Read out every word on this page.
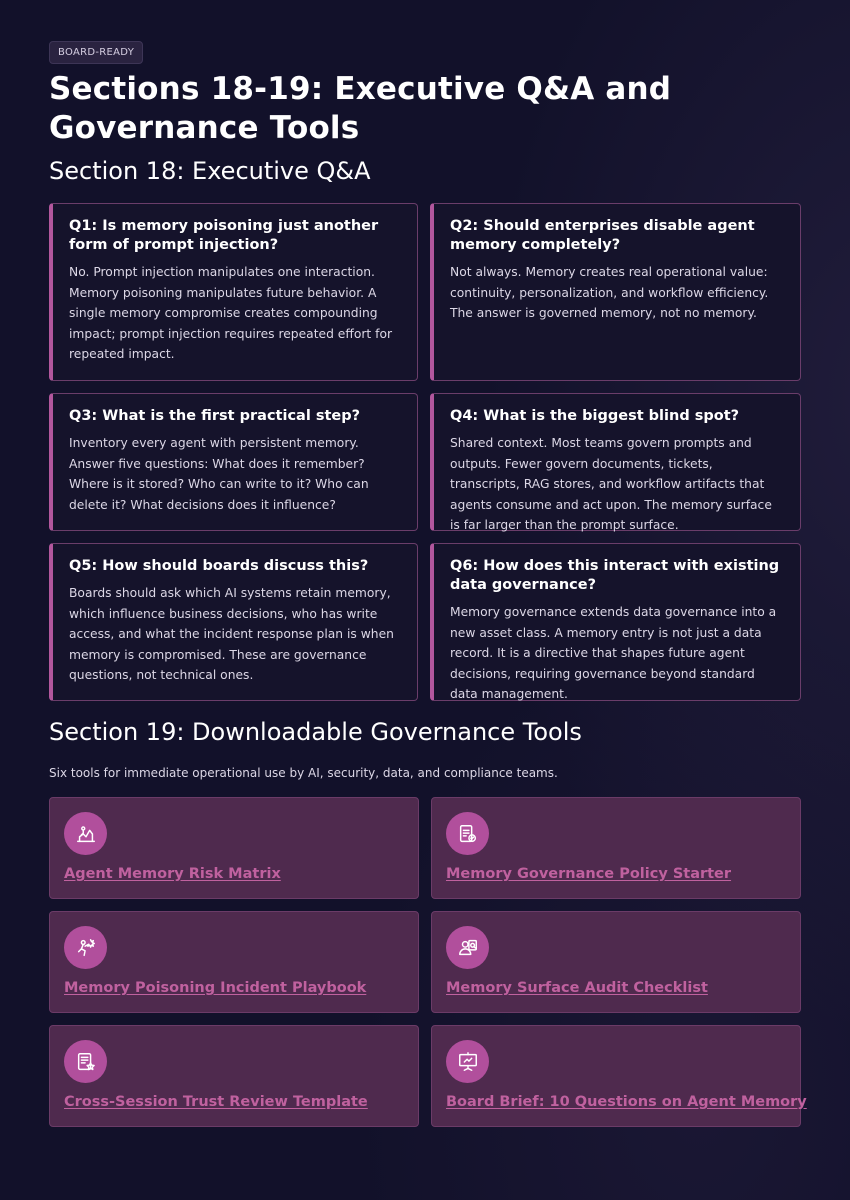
BOARD-READY
Sections 18-19: Executive Q&A and Governance Tools
Section 18: Executive Q&A
Q1: Is memory poisoning just another form of prompt injection?
No. Prompt injection manipulates one interaction. Memory poisoning manipulates future behavior. A single memory compromise creates compounding impact; prompt injection requires repeated effort for repeated impact.
Q2: Should enterprises disable agent memory completely?
Not always. Memory creates real operational value: continuity, personalization, and workflow efficiency. The answer is governed memory, not no memory.
Q3: What is the first practical step?
Inventory every agent with persistent memory. Answer five questions: What does it remember? Where is it stored? Who can write to it? Who can delete it? What decisions does it influence?
Q4: What is the biggest blind spot?
Shared context. Most teams govern prompts and outputs. Fewer govern documents, tickets, transcripts, RAG stores, and workflow artifacts that agents consume and act upon. The memory surface is far larger than the prompt surface.
Q5: How should boards discuss this?
Boards should ask which AI systems retain memory, which influence business decisions, who has write access, and what the incident response plan is when memory is compromised. These are governance questions, not technical ones.
Q6: How does this interact with existing data governance?
Memory governance extends data governance into a new asset class. A memory entry is not just a data record. It is a directive that shapes future agent decisions, requiring governance beyond standard data management.
Section 19: Downloadable Governance Tools

Six tools for immediate operational use by AI, security, data, and compliance teams.

Agent Memory Risk Matrix	Memory Governance Policy Starter
Memory Poisoning Incident Playbook	Memory Surface Audit Checklist
Cross-Session Trust Review Template	Board Brief: 10 Questions on Agent Memory
